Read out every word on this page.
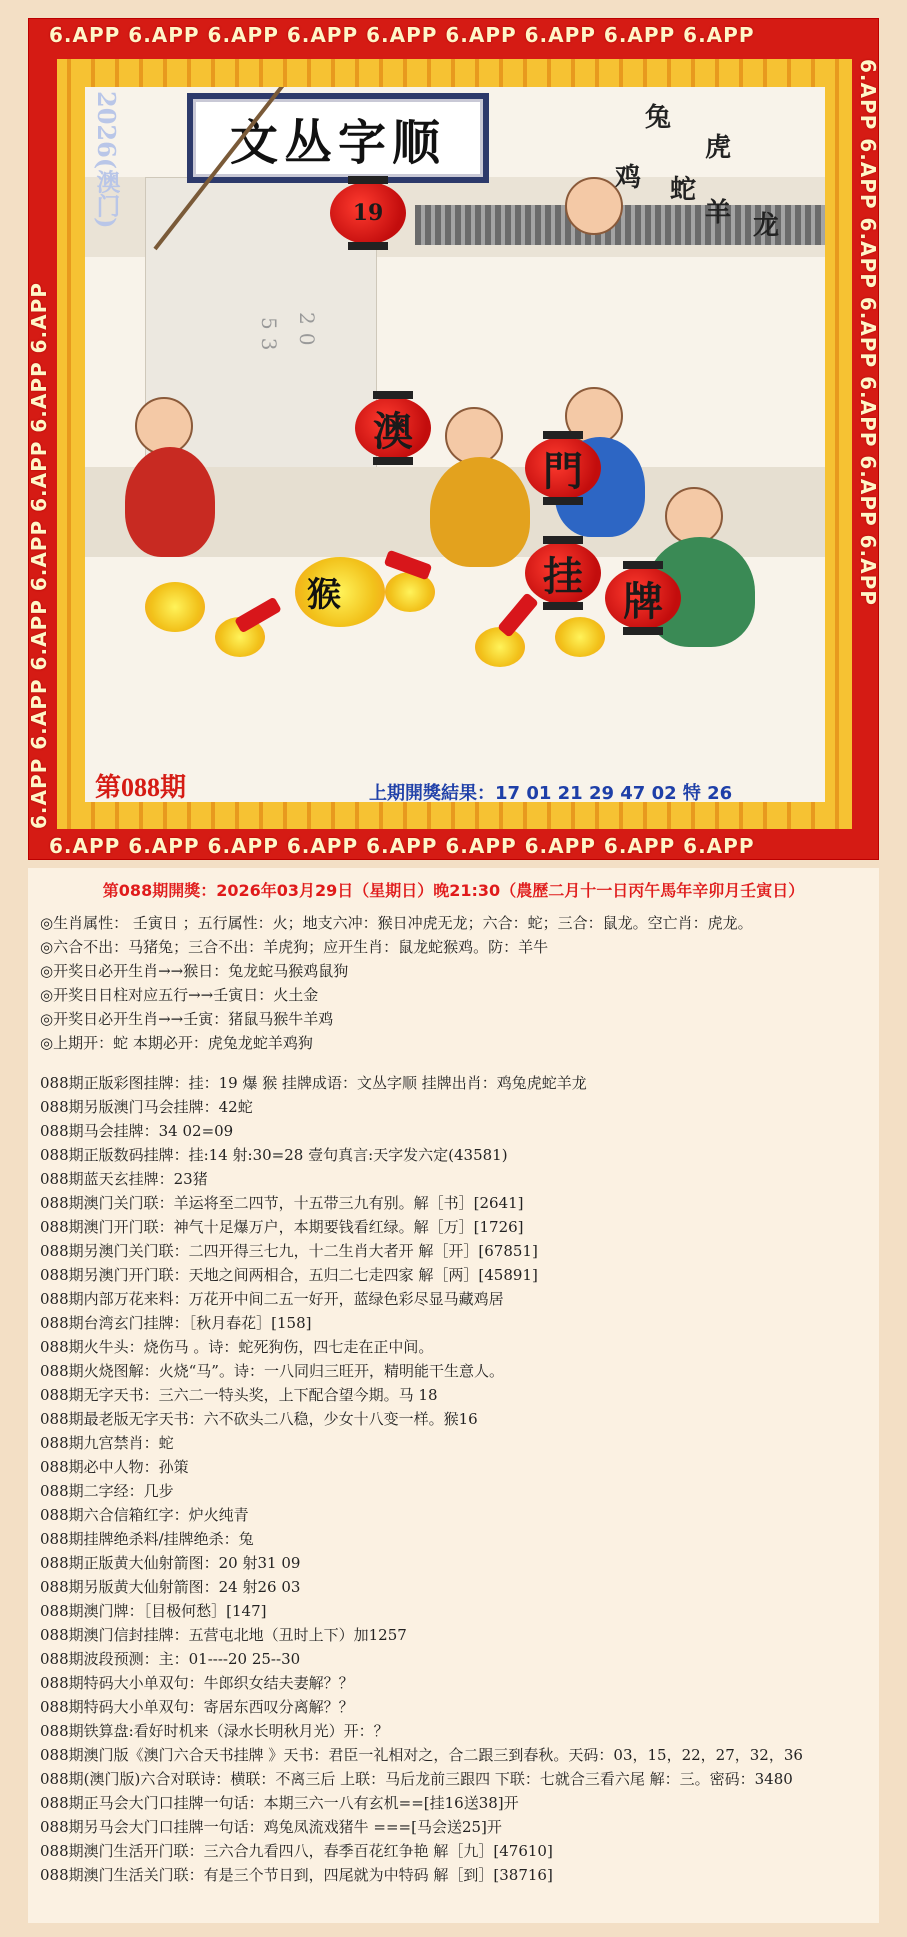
6.APP 6.APP 6.APP 6.APP 6.APP 6.APP 6.APP 6.APP 6.APP
6.APP 6.APP 6.APP 6.APP 6.APP 6.APP 6.APP 6.APP 6.APP
6.APP 6.APP 6.APP 6.APP 6.APP 6.APP 6.APP	6.APP 6.APP 6.APP 6.APP 6.APP 6.APP 6.APP
文丛字顺	兔
虎
鸡 蛇
羊 龙
53 20
19
澳
門
挂
牌
猴
2026(澳门)
第088期	上期開獎結果：17 01 21 29 47 02 特 26
第088期開獎：2026年03月29日（星期日）晚21:30（農歷二月十一日丙午馬年辛卯月壬寅日）
◎生肖属性： 壬寅日 ；五行属性：火；地支六冲：猴日冲虎无龙；六合：蛇；三合：鼠龙。空亡肖：虎龙。
◎六合不出：马猪兔；三合不出：羊虎狗；应开生肖：鼠龙蛇猴鸡。防：羊牛
◎开奖日必开生肖→→猴日：兔龙蛇马猴鸡鼠狗
◎开奖日日柱对应五行→→壬寅日：火土金
◎开奖日必开生肖→→壬寅：猪鼠马猴牛羊鸡
◎上期开：蛇 本期必开：虎兔龙蛇羊鸡狗
088期正版彩图挂牌：挂：19 爆 猴 挂牌成语：文丛字顺 挂牌出肖：鸡兔虎蛇羊龙
088期另版澳门马会挂牌：42蛇
088期马会挂牌：34 02=09
088期正版数码挂牌：挂:14 射:30=28 壹句真言:天字发六定(43581)
088期蓝天玄挂牌：23猪
088期澳门关门联：羊运将至二四节，十五带三九有别。解［书］[2641]
088期澳门开门联：神气十足爆万户，本期要钱看红绿。解［万］[1726]
088期另澳门关门联：二四开得三七九，十二生肖大者开 解［开］[67851]
088期另澳门开门联：天地之间两相合，五归二七走四家 解［两］[45891]
088期内部万花来料：万花开中间二五一好开，蓝绿色彩尽显马藏鸡居
088期台湾玄门挂牌：［秋月春花］[158]
088期火牛头：烧伤马 。诗：蛇死狗伤，四七走在正中间。
088期火烧图解：火烧“马”。诗：一八同归三旺开，精明能干生意人。
088期无字天书：三六二一特头奖，上下配合望今期。马 18
088期最老版无字天书：六不砍头二八稳，少女十八变一样。猴16
088期九宫禁肖：蛇
088期必中人物：孙策
088期二字经：几步
088期六合信箱红字：炉火纯青
088期挂牌绝杀料/挂牌绝杀：兔
088期正版黄大仙射箭图：20 射31 09
088期另版黄大仙射箭图：24 射26 03
088期澳门牌：［目极何愁］[147]
088期澳门信封挂牌：五营屯北地（丑时上下）加1257
088期波段预测：主：01----20 25--30
088期特码大小单双句：牛郎织女结夫妻解？？
088期特码大小单双句：寄居东西叹分离解？？
088期铁算盘:看好时机来（渌水长明秋月光）开：？
088期澳门版《澳门六合天书挂牌 》天书：君臣一礼相对之，合二跟三到春秋。天码：03，15，22，27，32，36
088期(澳门版)六合对联诗：横联：不离三后 上联：马后龙前三跟四 下联：七就合三看六尾 解：三。密码：3480
088期正马会大门口挂牌一句话：本期三六一八有玄机==[挂16送38]开
088期另马会大门口挂牌一句话：鸡兔凤流戏猪牛 ===[马会送25]开
088期澳门生活开门联：三六合九看四八，春季百花红争艳 解［九］[47610]
088期澳门生活关门联：有是三个节日到，四尾就为中特码 解［到］[38716]
